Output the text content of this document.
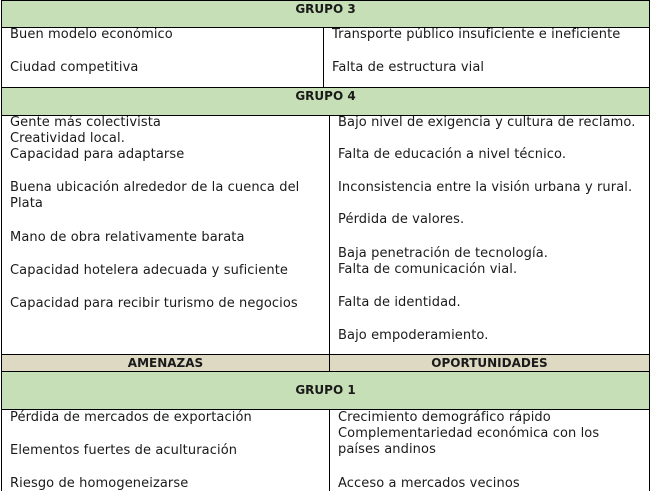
GRUPO 3
Buen modelo económico
Ciudad competitiva
Transporte público insuficiente e ineficiente
Falta de estructura vial
GRUPO 4
Gente más colectivista
Creatividad local.
Capacidad para adaptarse
Buena ubicación alrededor de la cuenca del Plata
Mano de obra relativamente barata
Capacidad hotelera adecuada y suficiente
Capacidad para recibir turismo de negocios
Bajo nivel de exigencia y cultura de reclamo.
Falta de educación a nivel técnico.
Inconsistencia entre la visión urbana y rural.
Pérdida de valores.
Baja penetración de tecnología.
Falta de comunicación vial.
Falta de identidad.
Bajo empoderamiento.
AMENAZAS	OPORTUNIDADES
GRUPO 1
Pérdida de mercados de exportación
Elementos fuertes de aculturación
Riesgo de homogeneizarse
Crecimiento demográfico rápido
Complementariedad económica con los países andinos
Acceso a mercados vecinos
